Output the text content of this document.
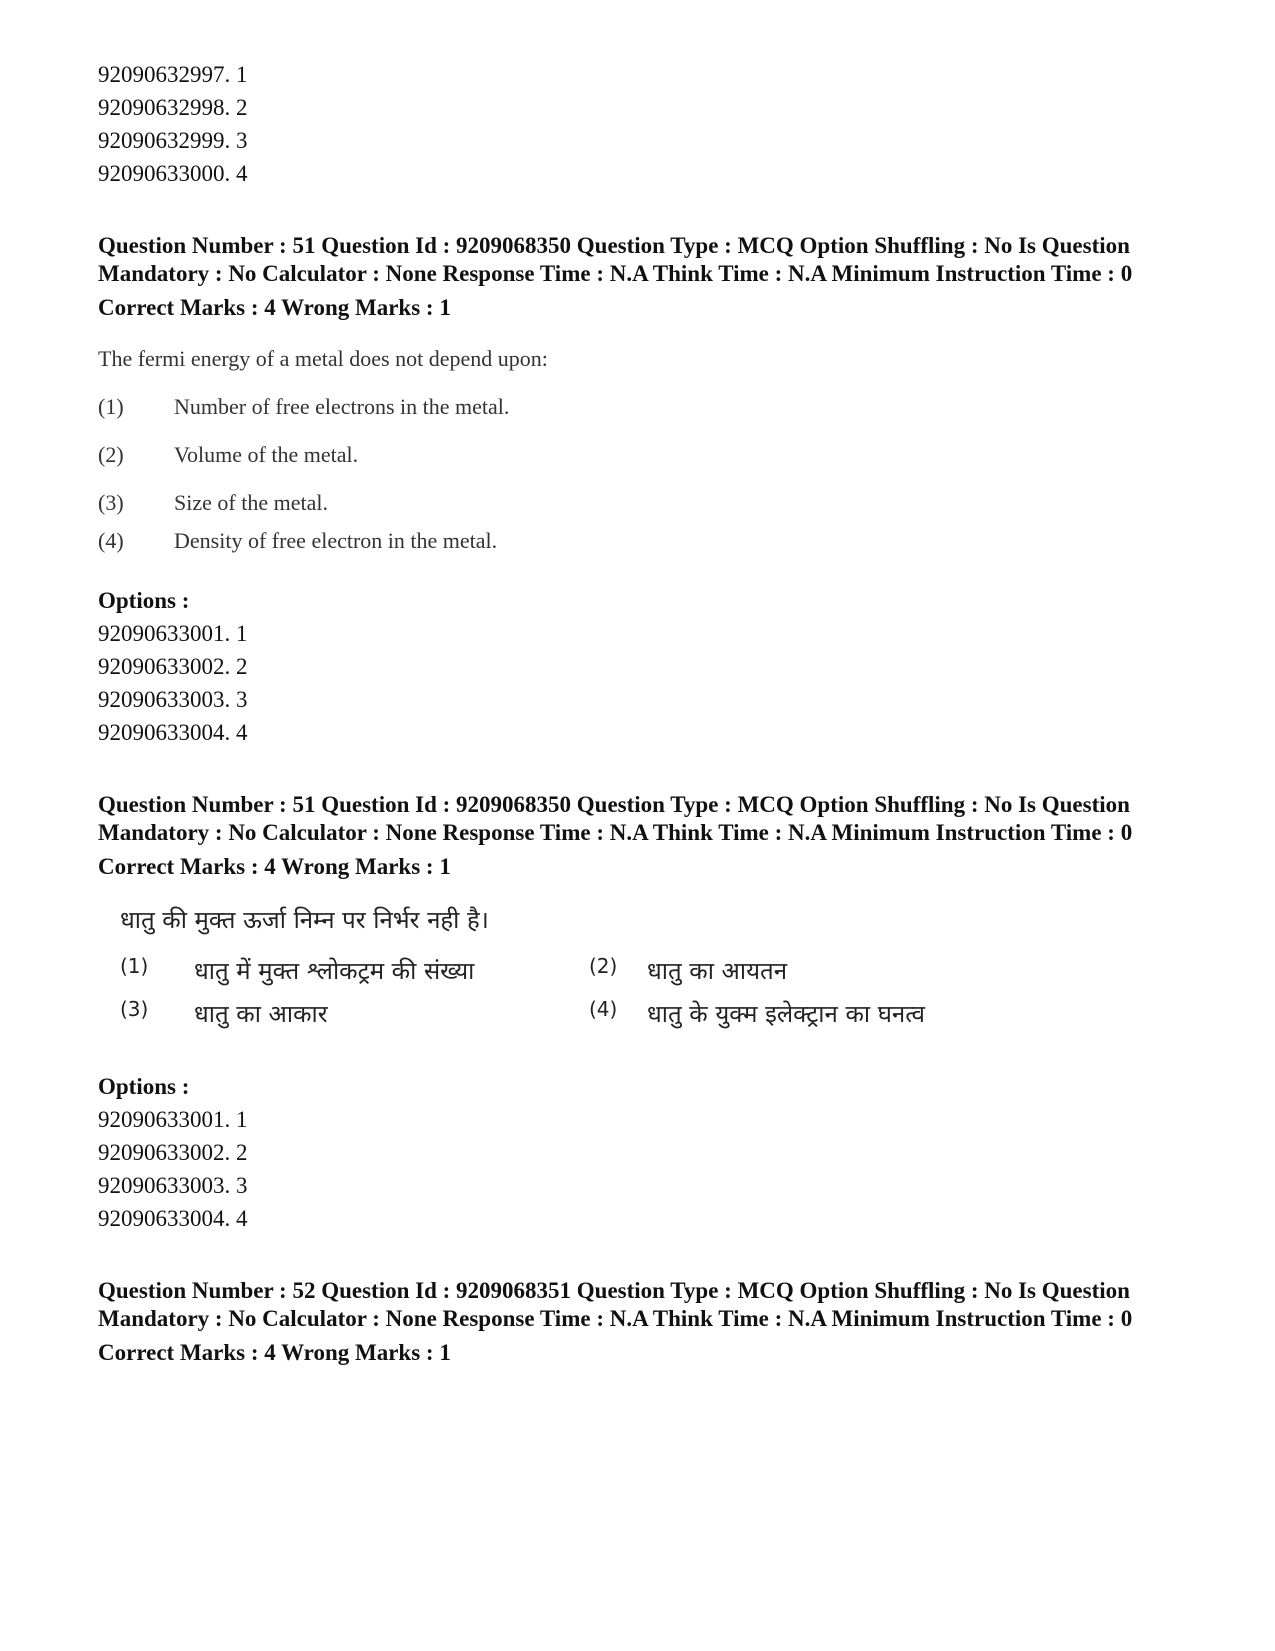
92090632997. 1
92090632998. 2
92090632999. 3
92090633000. 4
Question Number : 51 Question Id : 9209068350 Question Type : MCQ Option Shuffling : No Is Question Mandatory : No Calculator : None Response Time : N.A Think Time : N.A Minimum Instruction Time : 0
Correct Marks : 4 Wrong Marks : 1
The fermi energy of a metal does not depend upon:
(1)	Number of free electrons in the metal.
(2)	Volume of the metal.
(3)	Size of the metal.
(4)	Density of free electron in the metal.
Options :
92090633001. 1
92090633002. 2
92090633003. 3
92090633004. 4
Question Number : 51 Question Id : 9209068350 Question Type : MCQ Option Shuffling : No Is Question Mandatory : No Calculator : None Response Time : N.A Think Time : N.A Minimum Instruction Time : 0
Correct Marks : 4 Wrong Marks : 1
धातु की मुक्त ऊर्जा निम्न पर निर्भर नही है।
(1)	धातु में मुक्त श्लोकट्रम की संख्या	(2)	धातु का आयतन
(3)	धातु का आकार	(4)	धातु के युक्म इलेक्ट्रान का घनत्व
Options :
92090633001. 1
92090633002. 2
92090633003. 3
92090633004. 4
Question Number : 52 Question Id : 9209068351 Question Type : MCQ Option Shuffling : No Is Question Mandatory : No Calculator : None Response Time : N.A Think Time : N.A Minimum Instruction Time : 0
Correct Marks : 4 Wrong Marks : 1
